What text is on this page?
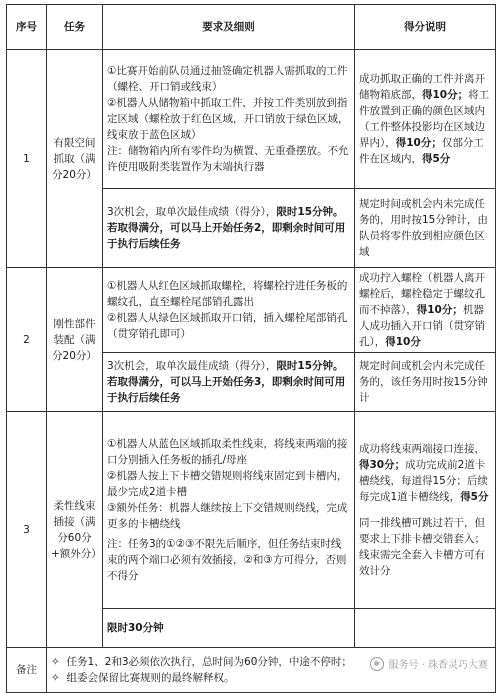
序号	任务	要求及细则	得分说明
1	有限空间抓取（满分20分）	①比赛开始前队员通过抽签确定机器人需抓取的工件（螺栓、开口销或线束）
②机器人从储物箱中抓取工件，并按工件类别放到指定区域（螺栓放于红色区域，开口销放于绿色区域，线束放于蓝色区域）
注：储物箱内所有零件均为横置、无重叠摆放。不允许使用吸附类装置作为末端执行器	成功抓取正确的工件并离开储物箱底部，得10分；将工件放置到正确的颜色区域内（工件整体投影均在区域边界内），得10分；仅部分工件在区域内，得5分
		3次机会，取单次最佳成绩（得分），限时15分钟。若取得满分，可以马上开始任务2，即剩余时间可用于执行后续任务	规定时间或机会内未完成任务的，用时按15分钟计，由队员将零件放到相应颜色区域
2	刚性部件装配（满分20分）	①机器人从红色区域抓取螺栓，将螺栓拧进任务板的螺纹孔，直至螺栓尾部销孔露出
②机器人从绿色区域抓取开口销，插入螺栓尾部销孔（贯穿销孔即可）	成功拧入螺栓（机器人离开螺栓后，螺栓稳定于螺纹孔而不掉落），得10分；机器人成功插入开口销（贯穿销孔），得10分
		3次机会，取单次最佳成绩（得分），限时15分钟。若取得满分，可以马上开始任务3，即剩余时间可用于执行后续任务	规定时间或机会内未完成任务的，该任务用时按15分钟计
3	柔性线束插接（满分60分+额外分）	①机器人从蓝色区域抓取柔性线束，将线束两端的接口分别插入任务板的插孔/母座
②机器人按上下卡槽交错规则将线束固定到卡槽内，最少完成2道卡槽
③额外任务：机器人继续按上下交错规则绕线，完成更多的卡槽绕线
注：任务3的①②③不限先后顺序，但任务结束时线束的两个端口必须有效插接，②和③方可得分，否则不得分	成功将线束两端接口连接，得30分；成功完成前2道卡槽绕线，每道得15分；后续每完成1道卡槽绕线，得5分
同一排线槽可跳过若干，但要求上下排卡槽交错套入；线束需完全套入卡槽方可有效计分

		限时30分钟	
备注	✧ 任务1、2和3必须依次执行，总时间为60分钟，中途不停时；
✧ 组委会保留比赛规则的最终解释权。		
服务号 · 珠香灵巧大赛
